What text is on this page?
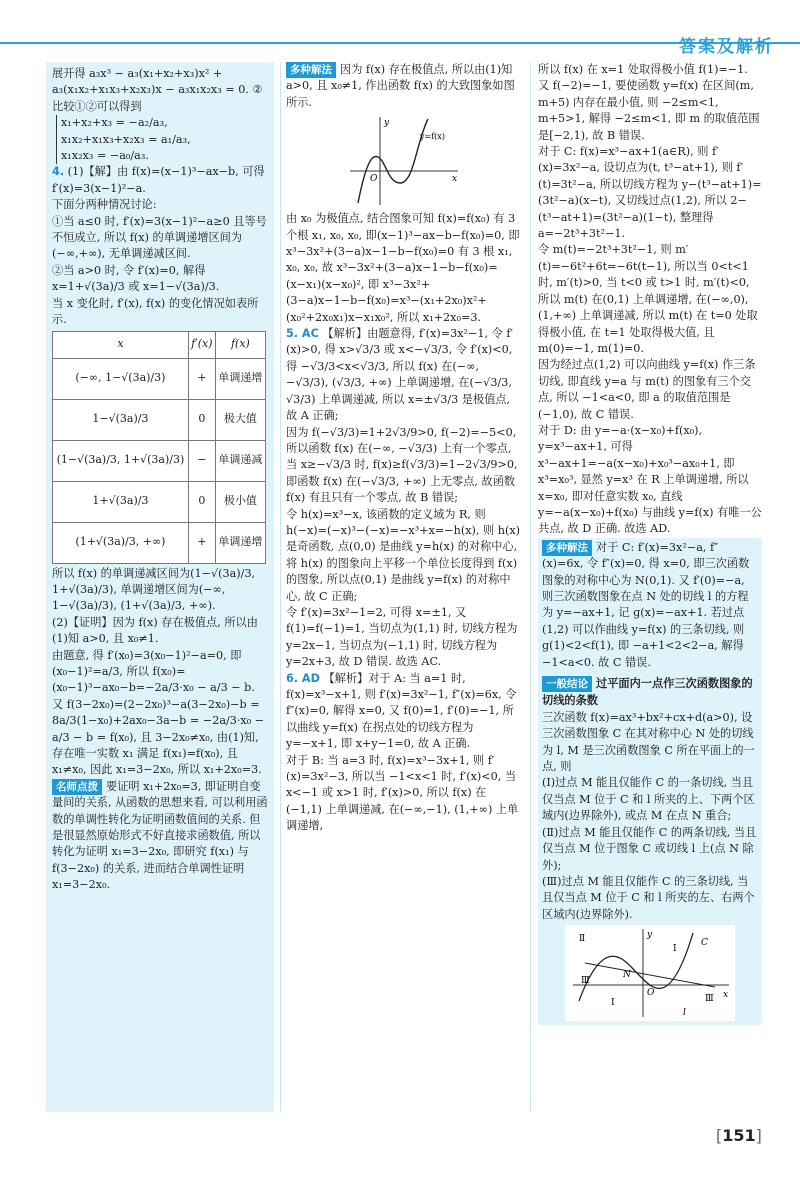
答案及解析

展开得 a₃x³ − a₃(x₁+x₂+x₃)x² + a₃(x₁x₂+x₁x₃+x₂x₃)x − a₃x₁x₂x₃ = 0. ②

比较①②可以得到

x₁+x₂+x₃ = −a₂/a₃,

x₁x₂+x₁x₃+x₂x₃ = a₁/a₃,

x₁x₂x₃ = −a₀/a₃.

4. (1)【解】由 f(x)=(x−1)³−ax−b, 可得 f′(x)=3(x−1)²−a.

下面分两种情况讨论:

①当 a≤0 时, f′(x)=3(x−1)²−a≥0 且等号不恒成立, 所以 f(x) 的单调递增区间为(−∞,+∞), 无单调递减区间.

②当 a>0 时, 令 f′(x)=0, 解得 x=1+√(3a)/3 或 x=1−√(3a)/3.

当 x 变化时, f′(x), f(x) 的变化情况如表所示.

x	f′(x)	f(x)
(−∞, 1−√(3a)/3)	+	单调递增
1−√(3a)/3	0	极大值
(1−√(3a)/3, 1+√(3a)/3)	−	单调递减
1+√(3a)/3	0	极小值
(1+√(3a)/3, +∞)	+	单调递增

所以 f(x) 的单调递减区间为(1−√(3a)/3, 1+√(3a)/3), 单调递增区间为(−∞, 1−√(3a)/3), (1+√(3a)/3, +∞).

(2)【证明】因为 f(x) 存在极值点, 所以由(1)知 a>0, 且 x₀≠1.

由题意, 得 f′(x₀)=3(x₀−1)²−a=0, 即(x₀−1)²=a/3, 所以 f(x₀)=(x₀−1)³−ax₀−b=−2a/3·x₀ − a/3 − b.

又 f(3−2x₀)=(2−2x₀)³−a(3−2x₀)−b = 8a/3(1−x₀)+2ax₀−3a−b = −2a/3·x₀ − a/3 − b = f(x₀), 且 3−2x₀≠x₀, 由(1)知, 存在唯一实数 x₁ 满足 f(x₁)=f(x₀), 且 x₁≠x₀, 因此 x₁=3−2x₀, 所以 x₁+2x₀=3.

名师点拨 要证明 x₁+2x₀=3, 即证明自变量间的关系, 从函数的思想来看, 可以利用函数的单调性转化为证明函数值间的关系. 但是很显然原始形式不好直接求函数值, 所以转化为证明 x₁=3−2x₀, 即研究 f(x₁) 与 f(3−2x₀) 的关系, 进而结合单调性证明 x₁=3−2x₀.

多种解法 因为 f(x) 存在极值点, 所以由(1)知 a>0, 且 x₀≠1, 作出函数 f(x) 的大致图象如图所示.

y
x
O
y=f(x)

由 x₀ 为极值点, 结合图象可知 f(x)=f(x₀) 有 3 个根 x₁, x₀, x₀, 即(x−1)³−ax−b−f(x₀)=0, 即 x³−3x²+(3−a)x−1−b−f(x₀)=0 有 3 根 x₁, x₀, x₀, 故 x³−3x²+(3−a)x−1−b−f(x₀)=(x−x₁)(x−x₀)², 即 x³−3x²+(3−a)x−1−b−f(x₀)=x³−(x₁+2x₀)x²+(x₀²+2x₀x₁)x−x₁x₀², 所以 x₁+2x₀=3.

5. AC 【解析】由题意得, f′(x)=3x²−1, 令 f′(x)>0, 得 x>√3/3 或 x<−√3/3, 令 f′(x)<0, 得 −√3/3<x<√3/3, 所以 f(x) 在(−∞, −√3/3), (√3/3, +∞) 上单调递增, 在(−√3/3, √3/3) 上单调递减, 所以 x=±√3/3 是极值点, 故 A 正确;

因为 f(−√3/3)=1+2√3/9>0, f(−2)=−5<0, 所以函数 f(x) 在(−∞, −√3/3) 上有一个零点, 当 x≥−√3/3 时, f(x)≥f(√3/3)=1−2√3/9>0, 即函数 f(x) 在(−√3/3, +∞) 上无零点, 故函数 f(x) 有且只有一个零点, 故 B 错误;

令 h(x)=x³−x, 该函数的定义域为 R, 则 h(−x)=(−x)³−(−x)=−x³+x=−h(x), 则 h(x) 是奇函数, 点(0,0) 是曲线 y=h(x) 的对称中心, 将 h(x) 的图象向上平移一个单位长度得到 f(x) 的图象, 所以点(0,1) 是曲线 y=f(x) 的对称中心, 故 C 正确;

令 f′(x)=3x²−1=2, 可得 x=±1, 又 f(1)=f(−1)=1, 当切点为(1,1) 时, 切线方程为 y=2x−1, 当切点为(−1,1) 时, 切线方程为 y=2x+3, 故 D 错误. 故选 AC.

6. AD 【解析】对于 A: 当 a=1 时, f(x)=x³−x+1, 则 f′(x)=3x²−1, f″(x)=6x, 令 f″(x)=0, 解得 x=0, 又 f(0)=1, f′(0)=−1, 所以曲线 y=f(x) 在拐点处的切线方程为 y=−x+1, 即 x+y−1=0, 故 A 正确.

对于 B: 当 a=3 时, f(x)=x³−3x+1, 则 f′(x)=3x²−3, 所以当 −1<x<1 时, f′(x)<0, 当 x<−1 或 x>1 时, f′(x)>0, 所以 f(x) 在(−1,1) 上单调递减, 在(−∞,−1), (1,+∞) 上单调递增,

所以 f(x) 在 x=1 处取得极小值 f(1)=−1. 又 f(−2)=−1, 要使函数 y=f(x) 在区间(m, m+5) 内存在最小值, 则 −2≤m<1, m+5>1, 解得 −2≤m<1, 即 m 的取值范围是[−2,1), 故 B 错误.

对于 C: f(x)=x³−ax+1(a∈R), 则 f′(x)=3x²−a, 设切点为(t, t³−at+1), 则 f′(t)=3t²−a, 所以切线方程为 y−(t³−at+1)=(3t²−a)(x−t), 又切线过点(1,2), 所以 2−(t³−at+1)=(3t²−a)(1−t), 整理得 a=−2t³+3t²−1.

令 m(t)=−2t³+3t²−1, 则 m′(t)=−6t²+6t=−6t(t−1), 所以当 0<t<1 时, m′(t)>0, 当 t<0 或 t>1 时, m′(t)<0, 所以 m(t) 在(0,1) 上单调递增, 在(−∞,0), (1,+∞) 上单调递减, 所以 m(t) 在 t=0 处取得极小值, 在 t=1 处取得极大值, 且 m(0)=−1, m(1)=0.

因为经过点(1,2) 可以向曲线 y=f(x) 作三条切线, 即直线 y=a 与 m(t) 的图象有三个交点, 所以 −1<a<0, 即 a 的取值范围是(−1,0), 故 C 错误.

对于 D: 由 y=−a·(x−x₀)+f(x₀), y=x³−ax+1, 可得 x³−ax+1=−a(x−x₀)+x₀³−ax₀+1, 即 x³=x₀³, 显然 y=x³ 在 R 上单调递增, 所以 x=x₀, 即对任意实数 x₀, 直线 y=−a(x−x₀)+f(x₀) 与曲线 y=f(x) 有唯一公共点, 故 D 正确. 故选 AD.

多种解法 对于 C: f′(x)=3x²−a, f″(x)=6x, 令 f″(x)=0, 得 x=0, 即三次函数图象的对称中心为 N(0,1). 又 f′(0)=−a, 则三次函数图象在点 N 处的切线 l 的方程为 y=−ax+1, 记 g(x)=−ax+1. 若过点(1,2) 可以作曲线 y=f(x) 的三条切线, 则 g(1)<2<f(1), 即 −a+1<2<2−a, 解得 −1<a<0. 故 C 错误.

一般结论 过平面内一点作三次函数图象的切线的条数

三次函数 f(x)=ax³+bx²+cx+d(a>0), 设三次函数图象 C 在其对称中心 N 处的切线为 l, M 是三次函数图象 C 所在平面上的一点, 则

(Ⅰ)过点 M 能且仅能作 C 的一条切线, 当且仅当点 M 位于 C 和 l 所夹的上、下两个区域内(边界除外), 或点 M 在点 N 重合;

(Ⅱ)过点 M 能且仅能作 C 的两条切线, 当且仅当点 M 位于图象 C 或切线 l 上(点 N 除外);

(Ⅲ)过点 M 能且仅能作 C 的三条切线, 当且仅当点 M 位于 C 和 l 所夹的左、右两个区域内(边界除外).

y
x
O
N
C
l
Ⅰ
Ⅰ
Ⅱ
Ⅲ
Ⅲ
[151]
